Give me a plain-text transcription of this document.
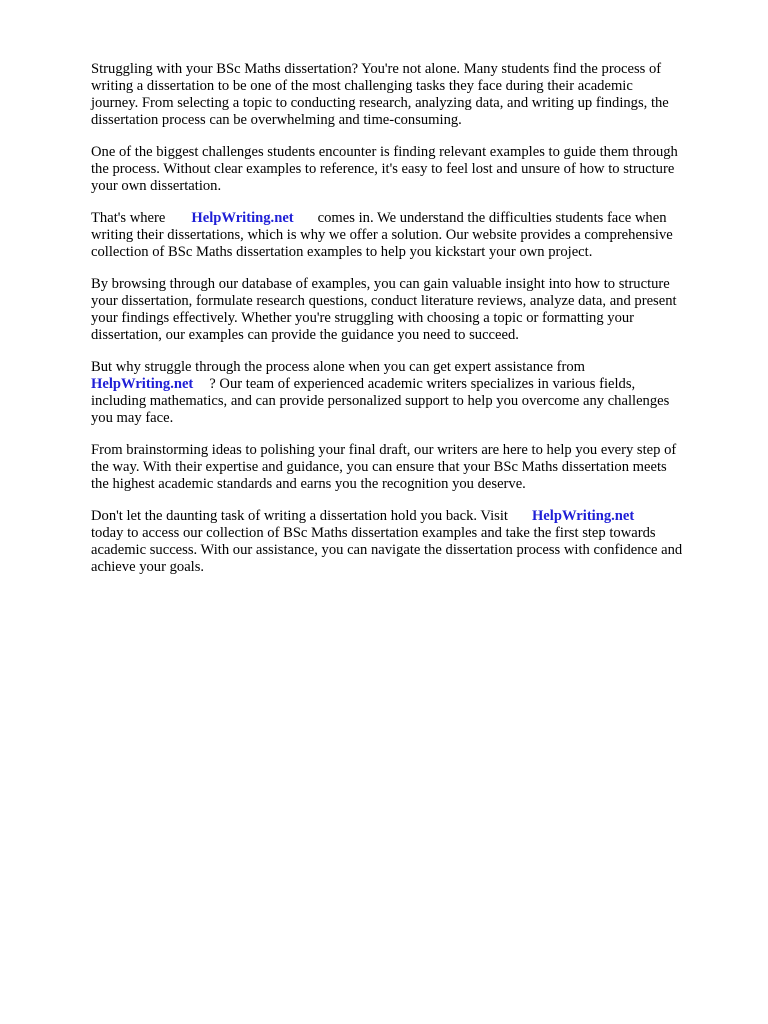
Struggling with your BSc Maths dissertation? You're not alone. Many students find the process of
writing a dissertation to be one of the most challenging tasks they face during their academic
journey. From selecting a topic to conducting research, analyzing data, and writing up findings, the
dissertation process can be overwhelming and time-consuming.

One of the biggest challenges students encounter is finding relevant examples to guide them through
the process. Without clear examples to reference, it's easy to feel lost and unsure of how to structure
your own dissertation.

That's where HelpWriting.net comes in. We understand the difficulties students face when
writing their dissertations, which is why we offer a solution. Our website provides a comprehensive
collection of BSc Maths dissertation examples to help you kickstart your own project.

By browsing through our database of examples, you can gain valuable insight into how to structure
your dissertation, formulate research questions, conduct literature reviews, analyze data, and present
your findings effectively. Whether you're struggling with choosing a topic or formatting your
dissertation, our examples can provide the guidance you need to succeed.

But why struggle through the process alone when you can get expert assistance from
HelpWriting.net ? Our team of experienced academic writers specializes in various fields,
including mathematics, and can provide personalized support to help you overcome any challenges
you may face.

From brainstorming ideas to polishing your final draft, our writers are here to help you every step of
the way. With their expertise and guidance, you can ensure that your BSc Maths dissertation meets
the highest academic standards and earns you the recognition you deserve.

Don't let the daunting task of writing a dissertation hold you back. Visit HelpWriting.net
today to access our collection of BSc Maths dissertation examples and take the first step towards
academic success. With our assistance, you can navigate the dissertation process with confidence and
achieve your goals.
